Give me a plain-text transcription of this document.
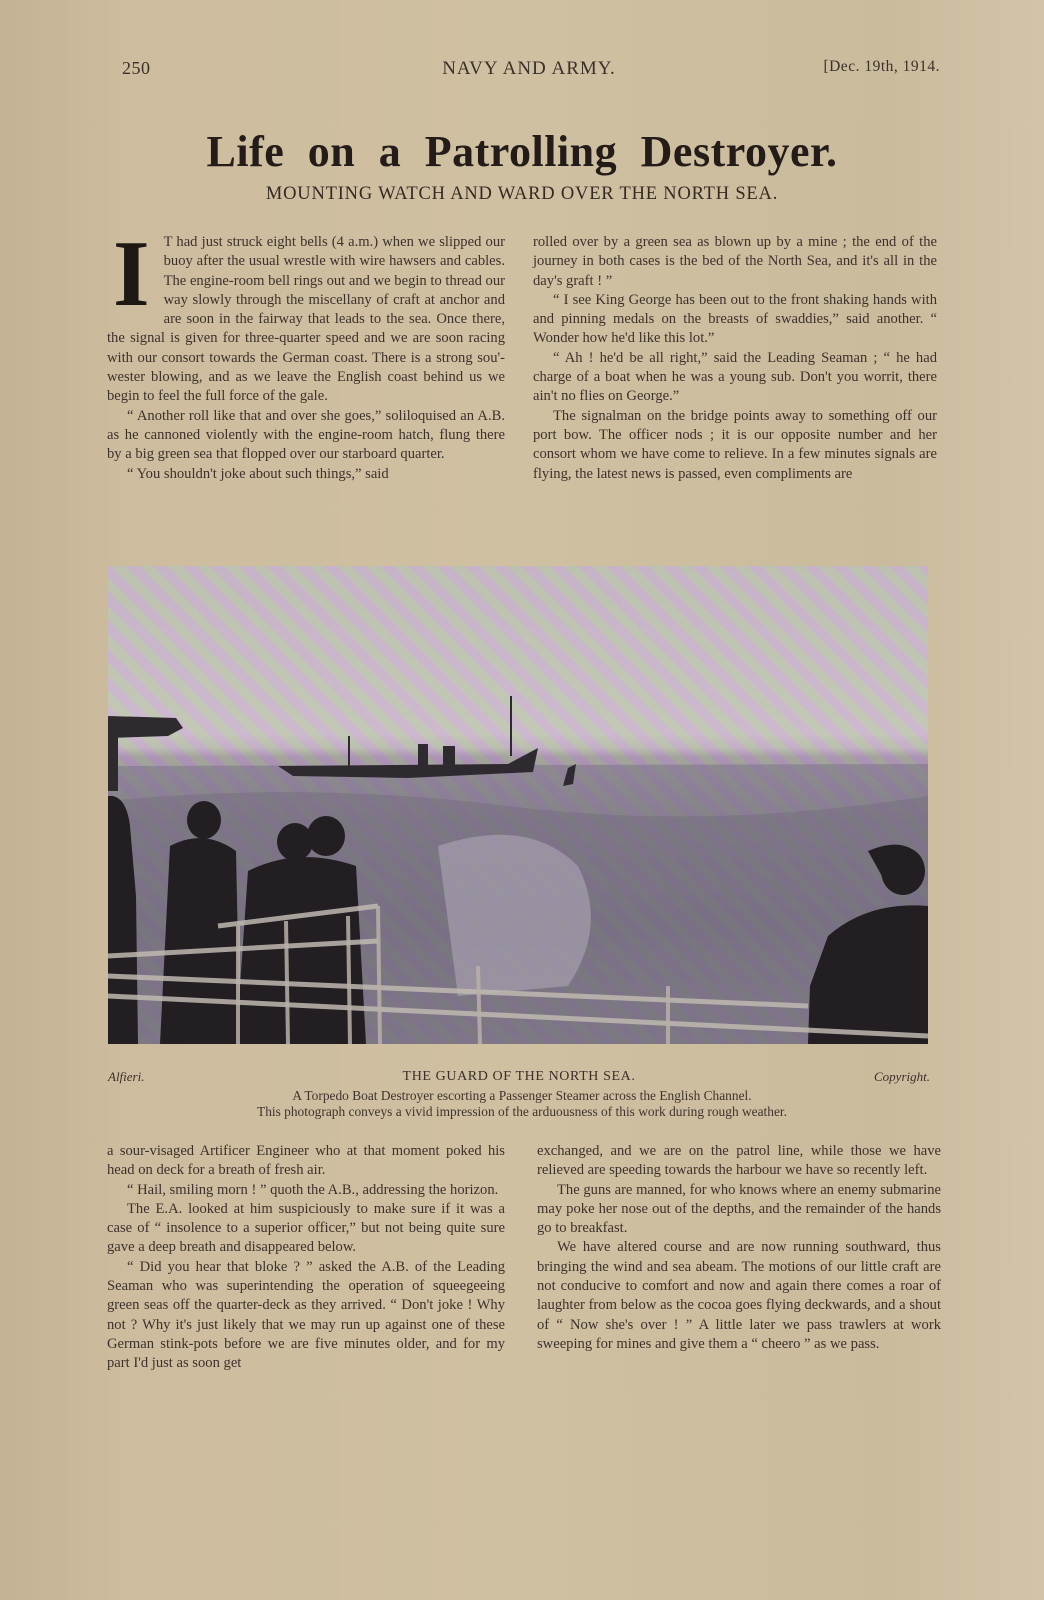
250	NAVY AND ARMY.	[Dec. 19th, 1914.
Life on a Patrolling Destroyer.
MOUNTING WATCH AND WARD OVER THE NORTH SEA.
I T had just struck eight bells (4 a.m.) when we slipped our buoy after the usual wrestle with wire hawsers and cables. The engine-room bell rings out and we begin to thread our way slowly through the miscellany of craft at anchor and are soon in the fairway that leads to the sea. Once there, the signal is given for three-quarter speed and we are soon racing with our consort towards the German coast. There is a strong sou'-wester blowing, and as we leave the English coast behind us we begin to feel the full force of the gale.

“ Another roll like that and over she goes,” soliloquised an A.B. as he cannoned violently with the engine-room hatch, flung there by a big green sea that flopped over our starboard quarter.

“ You shouldn't joke about such things,” said

rolled over by a green sea as blown up by a mine ; the end of the journey in both cases is the bed of the North Sea, and it's all in the day's graft ! ”

“ I see King George has been out to the front shaking hands with and pinning medals on the breasts of swaddies,” said another. “ Wonder how he'd like this lot.”

“ Ah ! he'd be all right,” said the Leading Seaman ; “ he had charge of a boat when he was a young sub. Don't you worrit, there ain't no flies on George.”

The signalman on the bridge points away to something off our port bow. The officer nods ; it is our opposite number and her consort whom we have come to relieve. In a few minutes signals are flying, the latest news is passed, even compliments are

Alfieri.	THE GUARD OF THE NORTH SEA.	Copyright.
A Torpedo Boat Destroyer escorting a Passenger Steamer across the English Channel.
This photograph conveys a vivid impression of the arduousness of this work during rough weather.

a sour-visaged Artificer Engineer who at that moment poked his head on deck for a breath of fresh air.

“ Hail, smiling morn ! ” quoth the A.B., addressing the horizon.

The E.A. looked at him suspiciously to make sure if it was a case of “ insolence to a superior officer,” but not being quite sure gave a deep breath and disappeared below.

“ Did you hear that bloke ? ” asked the A.B. of the Leading Seaman who was superintending the operation of squeegeeing green seas off the quarter-deck as they arrived. “ Don't joke ! Why not ? Why it's just likely that we may run up against one of these German stink-pots before we are five minutes older, and for my part I'd just as soon get

exchanged, and we are on the patrol line, while those we have relieved are speeding towards the harbour we have so recently left.

The guns are manned, for who knows where an enemy submarine may poke her nose out of the depths, and the remainder of the hands go to breakfast.

We have altered course and are now running southward, thus bringing the wind and sea abeam. The motions of our little craft are not conducive to comfort and now and again there comes a roar of laughter from below as the cocoa goes flying deckwards, and a shout of “ Now she's over ! ” A little later we pass trawlers at work sweeping for mines and give them a “ cheero ” as we pass.
